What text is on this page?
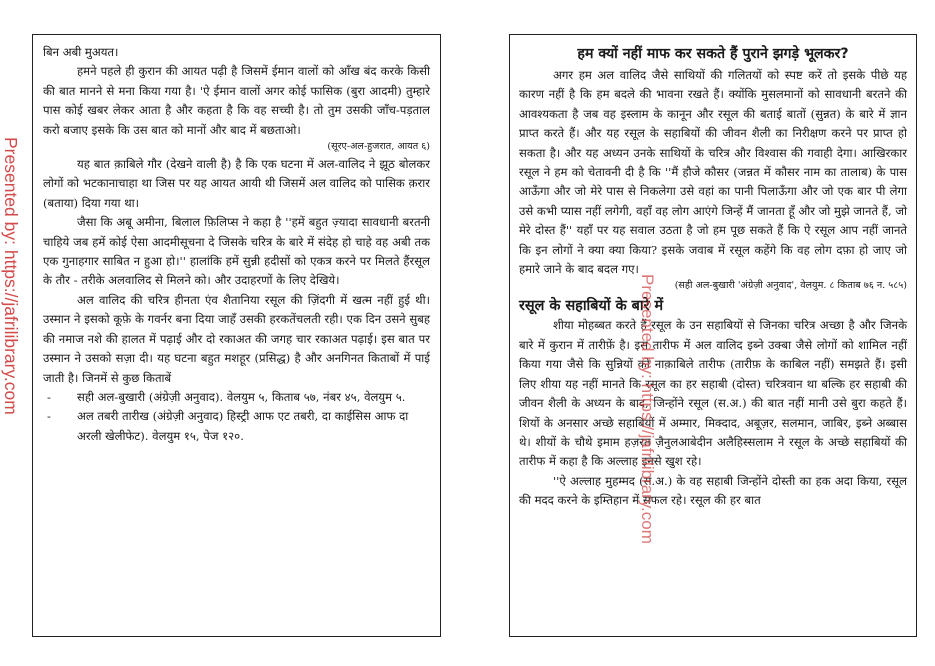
Presented by: https://jafrilibrary.com

बिन अबी मुअयत।

हमने पहले ही कुरान की आयत पढ़ी है जिसमें ईमान वालों को आँख बंद करके किसी की बात मानने से मना किया गया है। 'ऐ ईमान वालों अगर कोई फासिक (बुरा आदमी) तुम्हारे पास कोई खबर लेकर आता है और कहता है कि वह सच्ची है। तो तुम उसकी जाँच-पड़ताल करो बजाए इसके कि उस बात को मानों और बाद में बछताओ।

(सूरए-अल-हुजरात, आयत ६)

यह बात क़ाबिले गौर (देखने वाली है) है कि एक घटना में अल-वालिद ने झूठ बोलकर लोगों को भटकानाचाहा था जिस पर यह आयत आयी थी जिसमें अल वालिद को पासिक क़रार (बताया) दिया गया था।

जैसा कि अबू अमीना, बिलाल फ़िलिप्स ने कहा है ''हमें बहुत ज़्यादा सावधानी बरतनी चाहिये जब हमें कोई ऐसा आदमीसूचना दे जिसके चरित्र के बारे में संदेह हो चाहे वह अबी तक एक गुनाहगार साबित न हुआ हो।'' हालांकि हमें सुन्नी हदीसों को एकत्र करने पर मिलते हैंरसूल के तौर - तरीके अलवालिद से मिलने को। और उदाहरणों के लिए देखिये।

अल वालिद की चरित्र हीनता एंव शैतानिया रसूल की ज़िंदगी में खत्म नहीं हुई थी। उस्मान ने इसको कूफ़े के गवर्नर बना दिया जाहँ उसकी हरकतेंचलती रही। एक दिन उसने सुबह की नमाज नशे की हालत में पढ़ाई और दो रकाअत की जगह चार रकाअत पढ़ाई। इस बात पर उस्मान ने उसको सज़ा दी। यह घटना बहुत मशहूर (प्रसिद्ध) है और अनगिनत किताबों में पाई जाती है। जिनमें से कुछ किताबें

- सही अल-बुखारी (अंग्रेज़ी अनुवाद). वेलयुम ५, किताब ५७, नंबर ४५, वेलयुम ५.
- अल तबरी तारीख (अंग्रेज़ी अनुवाद) हिस्ट्री आफ एट तबरी, दा काईसिस आफ दा अरली खेलीफेट). वेलयुम १५, पेज १२०.
हम क्यों नहीं माफ कर सकते हैं पुराने झगड़े भूलकर?

अगर हम अल वालिद जैसे साथियों की गलितयों को स्पष्ट करें तो इसके पीछे यह कारण नहीं है कि हम बदले की भावना रखते हैं। क्योंकि मुसलमानों को सावधानी बरतने की आवश्यकता है जब वह इस्लाम के कानून और रसूल की बताई बातों (सुन्नत) के बारे में ज्ञान प्राप्त करते हैं। और यह रसूल के सहाबियों की जीवन शैली का निरीक्षण करने पर प्राप्त हो सकता है। और यह अध्यन उनके साथियों के चरित्र और विश्वास की गवाही देगा। आखिरकार रसूल ने हम को चेतावनी दी है कि ''मैं हौजे कौसर (जन्नत में कौसर नाम का तालाब) के पास आऊँगा और जो मेरे पास से निकलेगा उसे वहां का पानी पिलाऊँगा और जो एक बार पी लेगा उसे कभी प्यास नहीं लगेगी, वहाँ वह लोग आएंगे जिन्हें मैं जानता हूँ और जो मुझे जानते हैं, जो मेरे दोस्त हैं'' यहाँ पर यह सवाल उठता है जो हम पूछ सकते हैं कि ऐ रसूल आप नहीं जानते कि इन लोगों ने क्या क्या किया? इसके जवाब में रसूल कहेंगे कि वह लोग दफ़ा हो जाए जो हमारे जाने के बाद बदल गए।

(सही अल-बुखारी 'अंग्रेज़ी अनुवाद', वेलयुम. ८ किताब ७६ न. ५८५)

रसूल के सहाबियों के बारे में

शीया मोहब्बत करते हैं रसूल के उन सहाबियों से जिनका चरित्र अच्छा है और जिनके बारे में कुरान में तारीफ़ें है। इस तारीफ में अल वालिद इब्ने उक्बा जैसे लोगों को शामिल नहीं किया गया जैसे कि सुन्नियों को नाक़ाबिले तारीफ (तारीफ़ के काबिल नहीं) समझते हैं। इसी लिए शीया यह नहीं मानते कि रसूल का हर सहाबी (दोस्त) चरित्रवान था बल्कि हर सहाबी की जीवन शैली के अध्यन के बाद, जिन्होंने रसूल (स.अ.) की बात नहीं मानी उसे बुरा कहते हैं। शियों के अनसार अच्छे सहाबियों में अम्मार, मिक्दाद, अबूज़र, सलमान, जाबिर, इब्ने अब्बास थे। शीयों के चौथे इमाम हज़रत ज़ैनुलआबेदीन अलैहिस्सलाम ने रसूल के अच्छे सहाबियों की तारीफ में कहा है कि अल्लाह इनसे खुश रहे।

''ऐ अल्लाह मुहम्मद (स.अ.) के वह सहाबी जिन्होंने दोस्ती का हक अदा किया, रसूल की मदद करने के इम्तिहान में सफल रहे। रसूल की हर बात

Presented by: https://jafrilibrary.com
